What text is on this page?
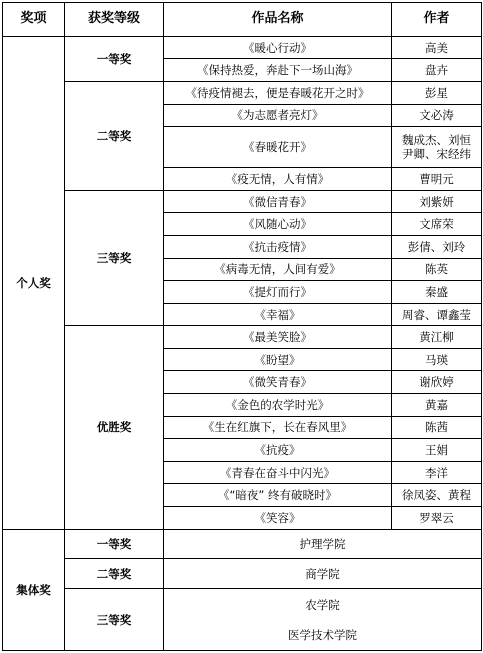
奖项	获奖等级	作品名称	作者
个人奖	一等奖	《暖心行动》	高美
		《保持热爱，奔赴下一场山海》	盘卉
	二等奖	《待疫情褪去，便是春暖花开之时》	彭星
		《为志愿者亮灯》	文必涛
		《春暖花开》	魏成杰、刘恒
尹卿、宋经纬
		《疫无情，人有情》	曹明元
	三等奖	《微信青春》	刘紫妍
		《风随心动》	文席荣
		《抗击疫情》	彭倩、刘玲
		《病毒无情，人间有爱》	陈英
		《提灯而行》	秦盛
		《幸福》	周睿、谭鑫莹
	优胜奖	《最美笑脸》	黄江柳
		《盼望》	马瑛
		《微笑青春》	谢欣婷
		《金色的农学时光》	黄嘉
		《生在红旗下，长在春风里》	陈茜
		《抗疫》	王娟
		《青春在奋斗中闪光》	李洋
		《“暗夜” 终有破晓时》	徐凤姿、黄程
		《笑容》	罗翠云
集体奖	一等奖	护理学院	

	二等奖	商学院	

	三等奖	农学院
医学技术学院	
